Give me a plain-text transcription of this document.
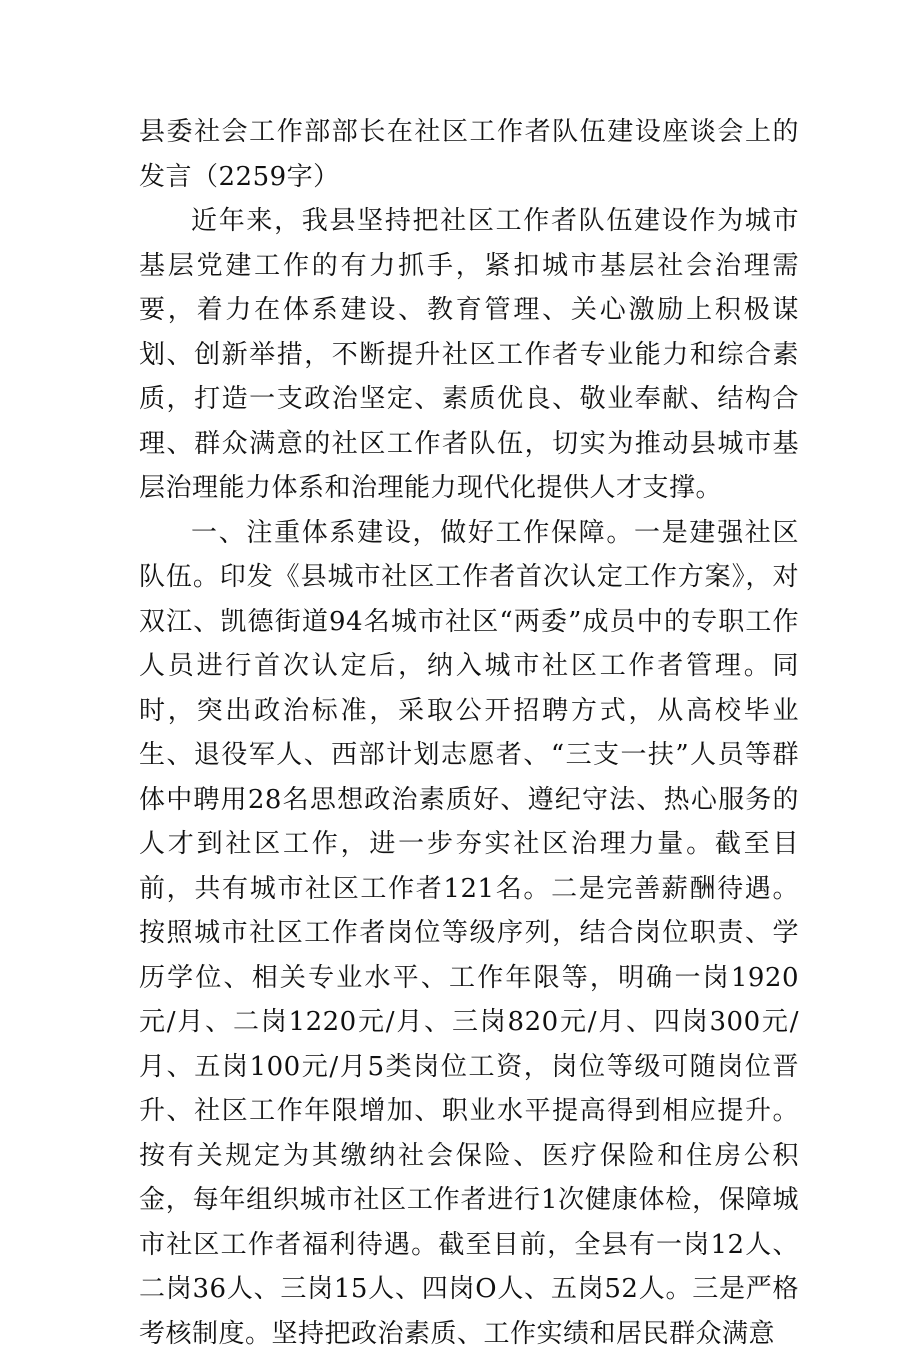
县委社会工作部部长在社区工作者队伍建设座谈会上的发言（2259字）

近年来，我县坚持把社区工作者队伍建设作为城市基层党建工作的有力抓手，紧扣城市基层社会治理需要，着力在体系建设、教育管理、关心激励上积极谋划、创新举措，不断提升社区工作者专业能力和综合素质，打造一支政治坚定、素质优良、敬业奉献、结构合理、群众满意的社区工作者队伍，切实为推动县城市基层治理能力体系和治理能力现代化提供人才支撑。

一、注重体系建设，做好工作保障。一是建强社区队伍。印发《县城市社区工作者首次认定工作方案》，对双江、凯德街道94名城市社区“两委”成员中的专职工作人员进行首次认定后，纳入城市社区工作者管理。同时，突出政治标准，采取公开招聘方式，从高校毕业生、退役军人、西部计划志愿者、“三支一扶”人员等群体中聘用28名思想政治素质好、遵纪守法、热心服务的人才到社区工作，进一步夯实社区治理力量。截至目前，共有城市社区工作者121名。二是完善薪酬待遇。按照城市社区工作者岗位等级序列，结合岗位职责、学历学位、相关专业水平、工作年限等，明确一岗1920元/月、二岗1220元/月、三岗820元/月、四岗300元/月、五岗100元/月5类岗位工资，岗位等级可随岗位晋升、社区工作年限增加、职业水平提高得到相应提升。按有关规定为其缴纳社会保险、医疗保险和住房公积金，每年组织城市社区工作者进行1次健康体检，保障城市社区工作者福利待遇。截至目前，全县有一岗12人、二岗36人、三岗15人、四岗O人、五岗52人。三是严格考核制度。坚持把政治素质、工作实绩和居民群众满意
